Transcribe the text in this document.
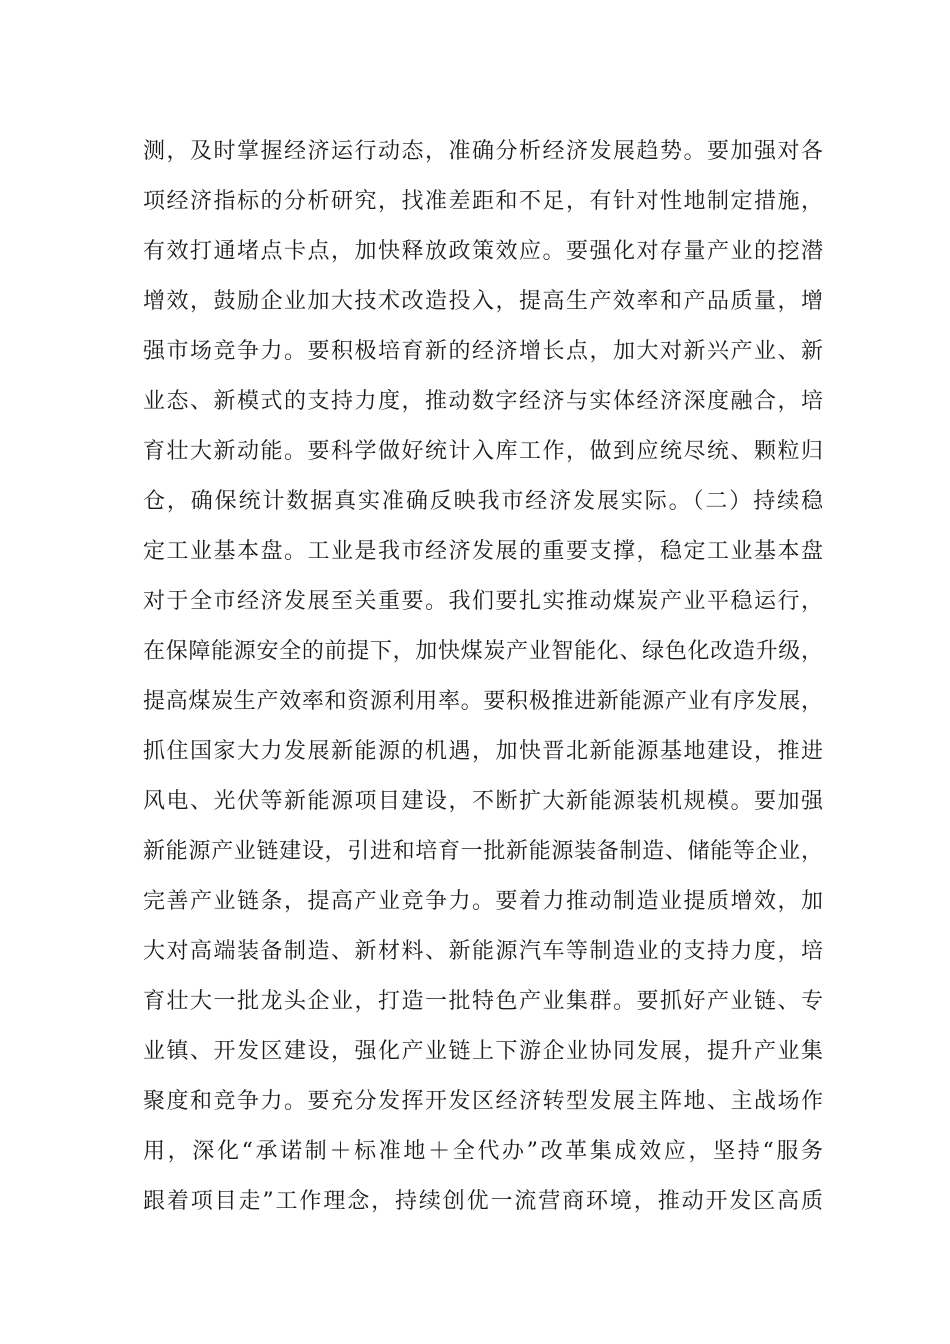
测，及时掌握经济运行动态，准确分析经济发展趋势。要加强对各
项经济指标的分析研究，找准差距和不足，有针对性地制定措施，
有效打通堵点卡点，加快释放政策效应。要强化对存量产业的挖潜
增效，鼓励企业加大技术改造投入，提高生产效率和产品质量，增
强市场竞争力。要积极培育新的经济增长点，加大对新兴产业、新
业态、新模式的支持力度，推动数字经济与实体经济深度融合，培
育壮大新动能。要科学做好统计入库工作，做到应统尽统、颗粒归
仓，确保统计数据真实准确反映我市经济发展实际。（二）持续稳
定工业基本盘。工业是我市经济发展的重要支撑，稳定工业基本盘
对于全市经济发展至关重要。我们要扎实推动煤炭产业平稳运行，
在保障能源安全的前提下，加快煤炭产业智能化、绿色化改造升级，
提高煤炭生产效率和资源利用率。要积极推进新能源产业有序发展，
抓住国家大力发展新能源的机遇，加快晋北新能源基地建设，推进
风电、光伏等新能源项目建设，不断扩大新能源装机规模。要加强
新能源产业链建设，引进和培育一批新能源装备制造、储能等企业，
完善产业链条，提高产业竞争力。要着力推动制造业提质增效，加
大对高端装备制造、新材料、新能源汽车等制造业的支持力度，培
育壮大一批龙头企业，打造一批特色产业集群。要抓好产业链、专
业镇、开发区建设，强化产业链上下游企业协同发展，提升产业集
聚度和竞争力。要充分发挥开发区经济转型发展主阵地、主战场作
用，深化“承诺制＋标准地＋全代办”改革集成效应，坚持“服务
跟着项目走”工作理念，持续创优一流营商环境，推动开发区高质
